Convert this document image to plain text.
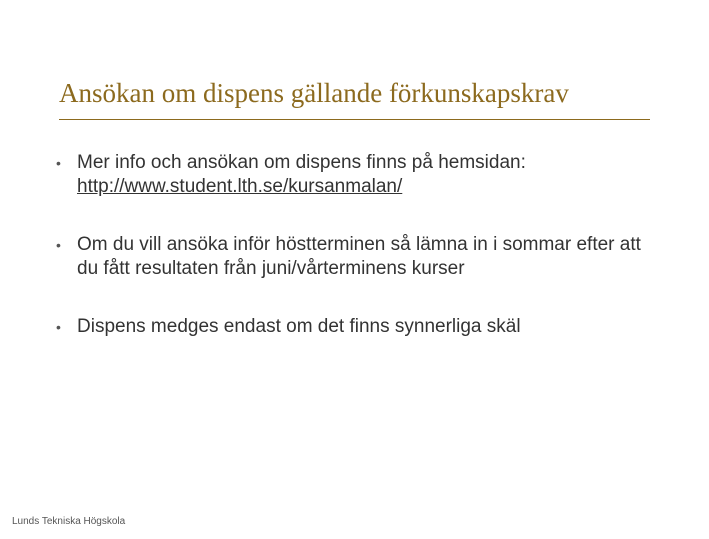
Ansökan om dispens gällande förkunskapskrav
• Mer info och ansökan om dispens finns på hemsidan:
http://www.student.lth.se/kursanmalan/
• Om du vill ansöka inför höstterminen så lämna in i sommar efter att du fått resultaten från juni/vårterminens kurser
• Dispens medges endast om det finns synnerliga skäl
Lunds Tekniska Högskola
